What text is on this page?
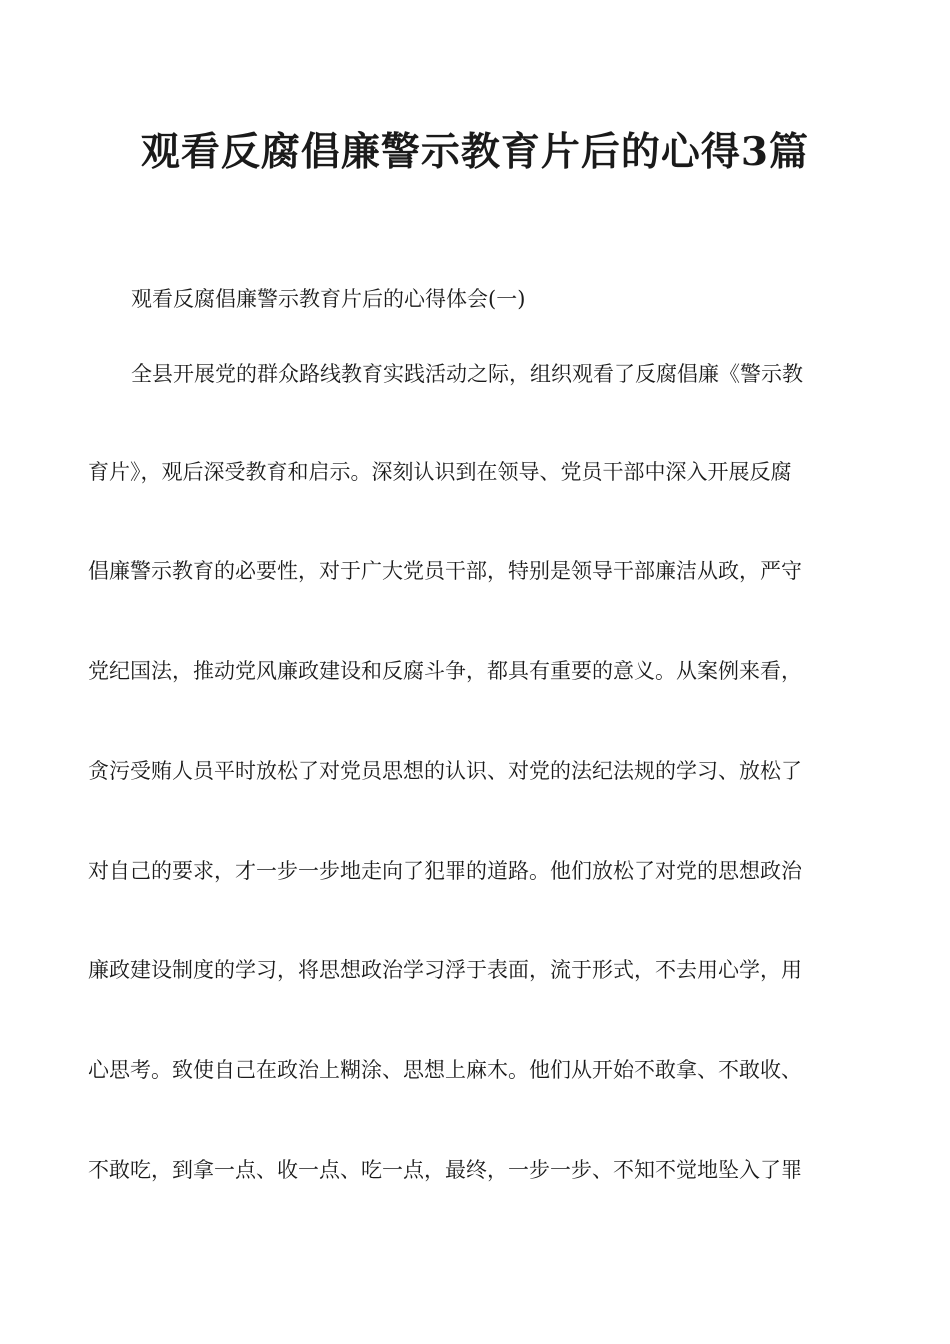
观看反腐倡廉警示教育片后的心得3篇

观看反腐倡廉警示教育片后的心得体会(一)

全县开展党的群众路线教育实践活动之际，组织观看了反腐倡廉《警示教

育片》，观后深受教育和启示。深刻认识到在领导、党员干部中深入开展反腐

倡廉警示教育的必要性，对于广大党员干部，特别是领导干部廉洁从政，严守

党纪国法，推动党风廉政建设和反腐斗争，都具有重要的意义。从案例来看，

贪污受贿人员平时放松了对党员思想的认识、对党的法纪法规的学习、放松了

对自己的要求，才一步一步地走向了犯罪的道路。他们放松了对党的思想政治

廉政建设制度的学习，将思想政治学习浮于表面，流于形式，不去用心学，用

心思考。致使自己在政治上糊涂、思想上麻木。他们从开始不敢拿、不敢收、

不敢吃，到拿一点、收一点、吃一点，最终，一步一步、不知不觉地坠入了罪
